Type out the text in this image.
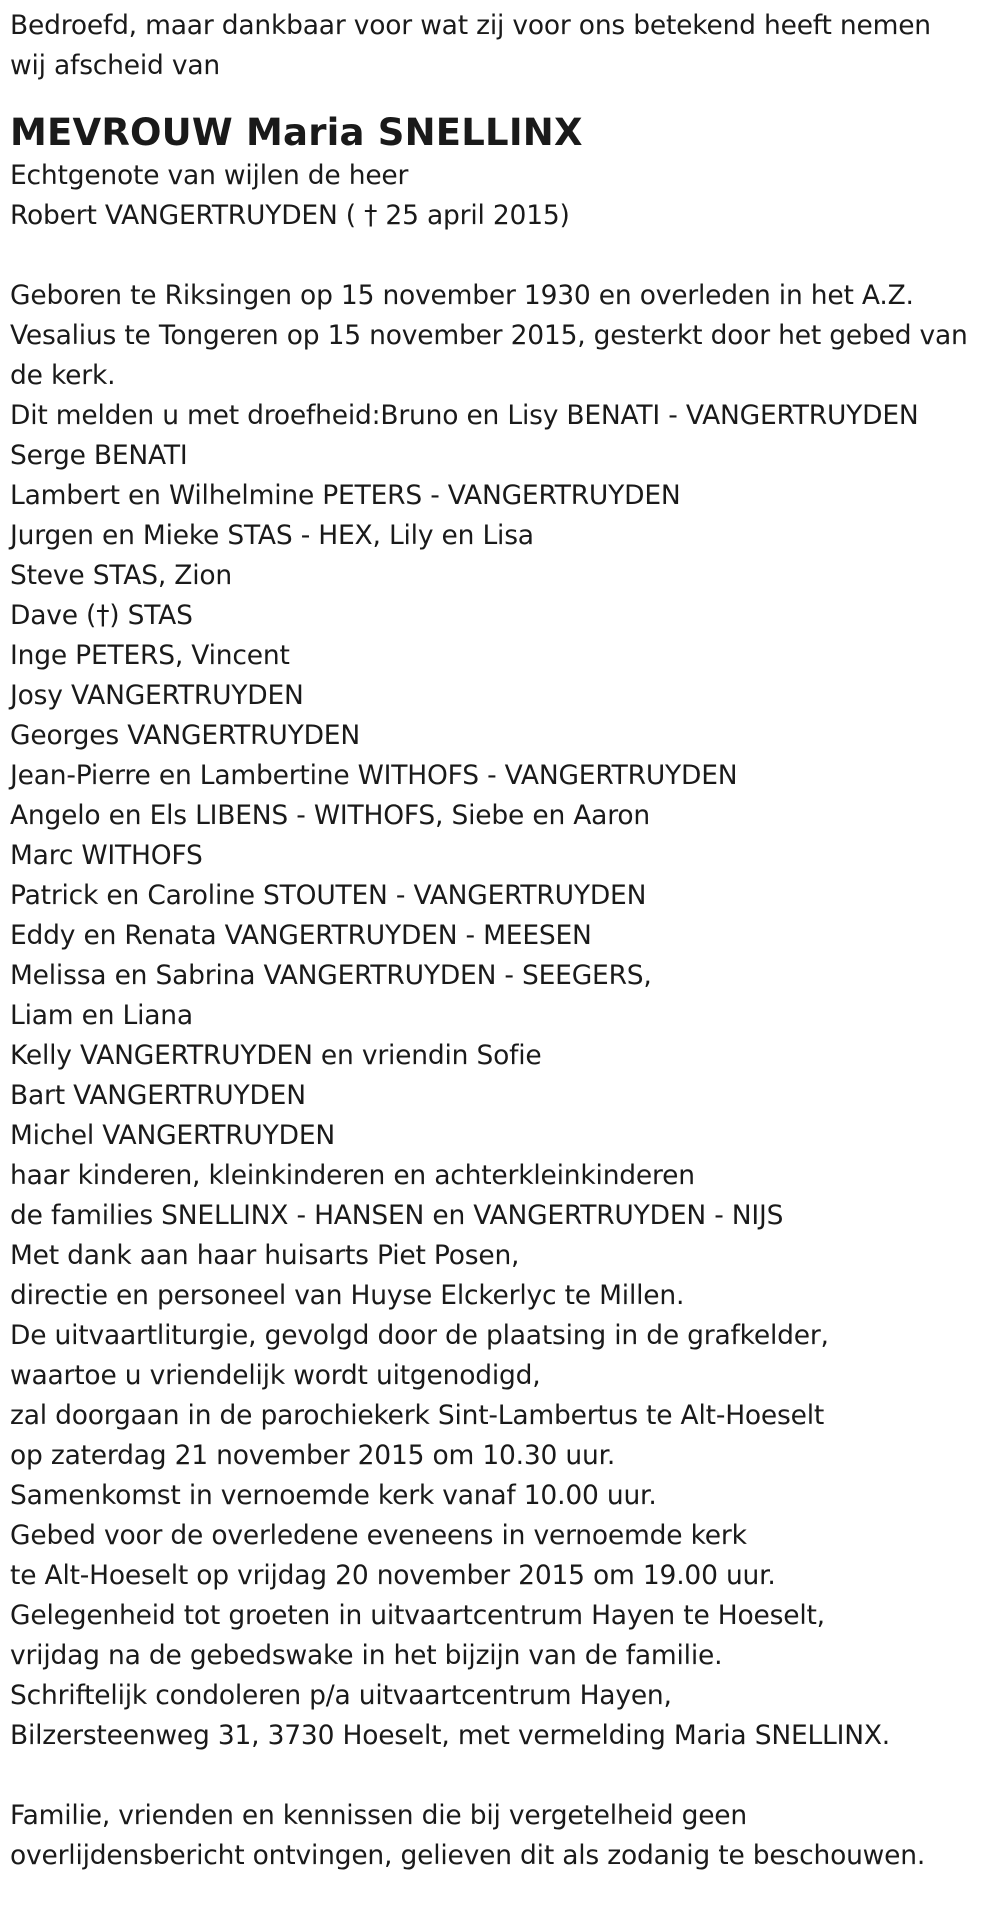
Bedroefd, maar dankbaar voor wat zij voor ons betekend heeft nemen
wij afscheid van
MEVROUW Maria SNELLINX
Echtgenote van wijlen de heer
Robert VANGERTRUYDEN ( † 25 april 2015)
Geboren te Riksingen op 15 november 1930 en overleden in het A.Z.
Vesalius te Tongeren op 15 november 2015, gesterkt door het gebed van
de kerk.
Dit melden u met droefheid:Bruno en Lisy BENATI - VANGERTRUYDEN
Serge BENATI
Lambert en Wilhelmine PETERS - VANGERTRUYDEN
Jurgen en Mieke STAS - HEX, Lily en Lisa
Steve STAS, Zion
Dave (†) STAS
Inge PETERS, Vincent
Josy VANGERTRUYDEN
Georges VANGERTRUYDEN
Jean-Pierre en Lambertine WITHOFS - VANGERTRUYDEN
Angelo en Els LIBENS - WITHOFS, Siebe en Aaron
Marc WITHOFS
Patrick en Caroline STOUTEN - VANGERTRUYDEN
Eddy en Renata VANGERTRUYDEN - MEESEN
Melissa en Sabrina VANGERTRUYDEN - SEEGERS,
Liam en Liana
Kelly VANGERTRUYDEN en vriendin Sofie
Bart VANGERTRUYDEN
Michel VANGERTRUYDEN
haar kinderen, kleinkinderen en achterkleinkinderen
de families SNELLINX - HANSEN en VANGERTRUYDEN - NIJS
Met dank aan haar huisarts Piet Posen,
directie en personeel van Huyse Elckerlyc te Millen.
De uitvaartliturgie, gevolgd door de plaatsing in de grafkelder,
waartoe u vriendelijk wordt uitgenodigd,
zal doorgaan in de parochiekerk Sint-Lambertus te Alt-Hoeselt
op zaterdag 21 november 2015 om 10.30 uur.
Samenkomst in vernoemde kerk vanaf 10.00 uur.
Gebed voor de overledene eveneens in vernoemde kerk
te Alt-Hoeselt op vrijdag 20 november 2015 om 19.00 uur.
Gelegenheid tot groeten in uitvaartcentrum Hayen te Hoeselt,
vrijdag na de gebedswake in het bijzijn van de familie.
Schriftelijk condoleren p/a uitvaartcentrum Hayen,
Bilzersteenweg 31, 3730 Hoeselt, met vermelding Maria SNELLINX.
Familie, vrienden en kennissen die bij vergetelheid geen
overlijdensbericht ontvingen, gelieven dit als zodanig te beschouwen.
